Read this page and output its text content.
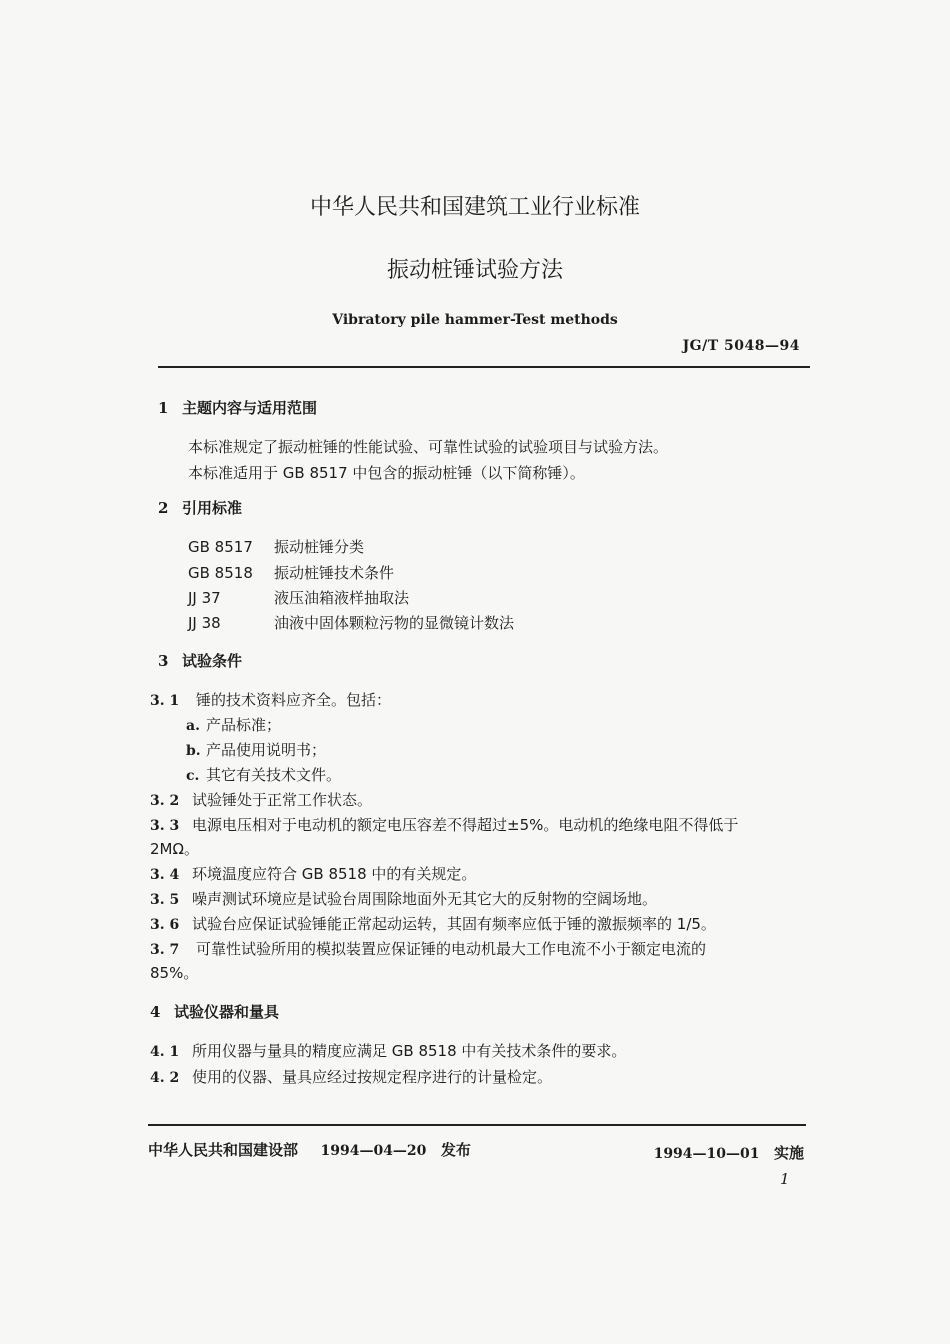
中华人民共和国建筑工业行业标准
振动桩锤试验方法
Vibratory pile hammer-Test methods
JG/T 5048—94
1 主题内容与适用范围
本标准规定了振动桩锤的性能试验、可靠性试验的试验项目与试验方法。
本标准适用于 GB 8517 中包含的振动桩锤（以下简称锤）。
2 引用标准
GB 8517 振动桩锤分类
GB 8518 振动桩锤技术条件
JJ 37	液压油箱液样抽取法
JJ 38	油液中固体颗粒污物的显微镜计数法
3 试验条件
3. 1 锤的技术资料应齐全。包括：
a. 产品标准；
b. 产品使用说明书；
c. 其它有关技术文件。
3. 2 试验锤处于正常工作状态。
3. 3 电源电压相对于电动机的额定电压容差不得超过±5%。电动机的绝缘电阻不得低于
2MΩ。
3. 4 环境温度应符合 GB 8518 中的有关规定。
3. 5 噪声测试环境应是试验台周围除地面外无其它大的反射物的空阔场地。
3. 6 试验台应保证试验锤能正常起动运转，其固有频率应低于锤的激振频率的 1/5。
3. 7 可靠性试验所用的模拟装置应保证锤的电动机最大工作电流不小于额定电流的
85%。
4 试验仪器和量具
4. 1 所用仪器与量具的精度应满足 GB 8518 中有关技术条件的要求。
4. 2 使用的仪器、量具应经过按规定程序进行的计量检定。
中华人民共和国建设部 1994—04—20 发布	1994—10—01 实施
1
